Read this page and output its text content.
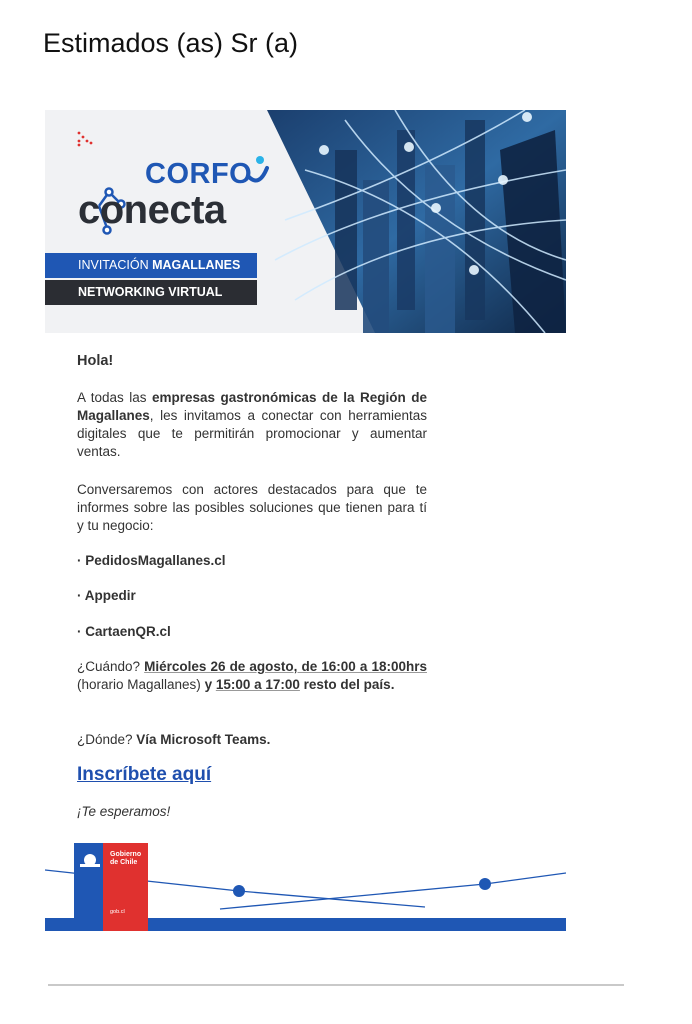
Estimados (as) Sr (a)
CORFO
conecta
INVITACIÓN MAGALLANES
NETWORKING VIRTUAL

Hola!

A todas las empresas gastronómicas de la Región de Magallanes, les invitamos a conectar con herramientas digitales que te permitirán promocionar y aumentar ventas.

Conversaremos con actores destacados para que te informes sobre las posibles soluciones que tienen para tí y tu negocio:

· PedidosMagallanes.cl

· Appedir

· CartaenQR.cl

¿Cuándo? Miércoles 26 de agosto, de 16:00 a 18:00hrs (horario Magallanes) y 15:00 a 17:00 resto del país.

¿Dónde? Vía Microsoft Teams.

Inscríbete aquí

¡Te esperamos!

Gobierno
de Chile
gob.cl
